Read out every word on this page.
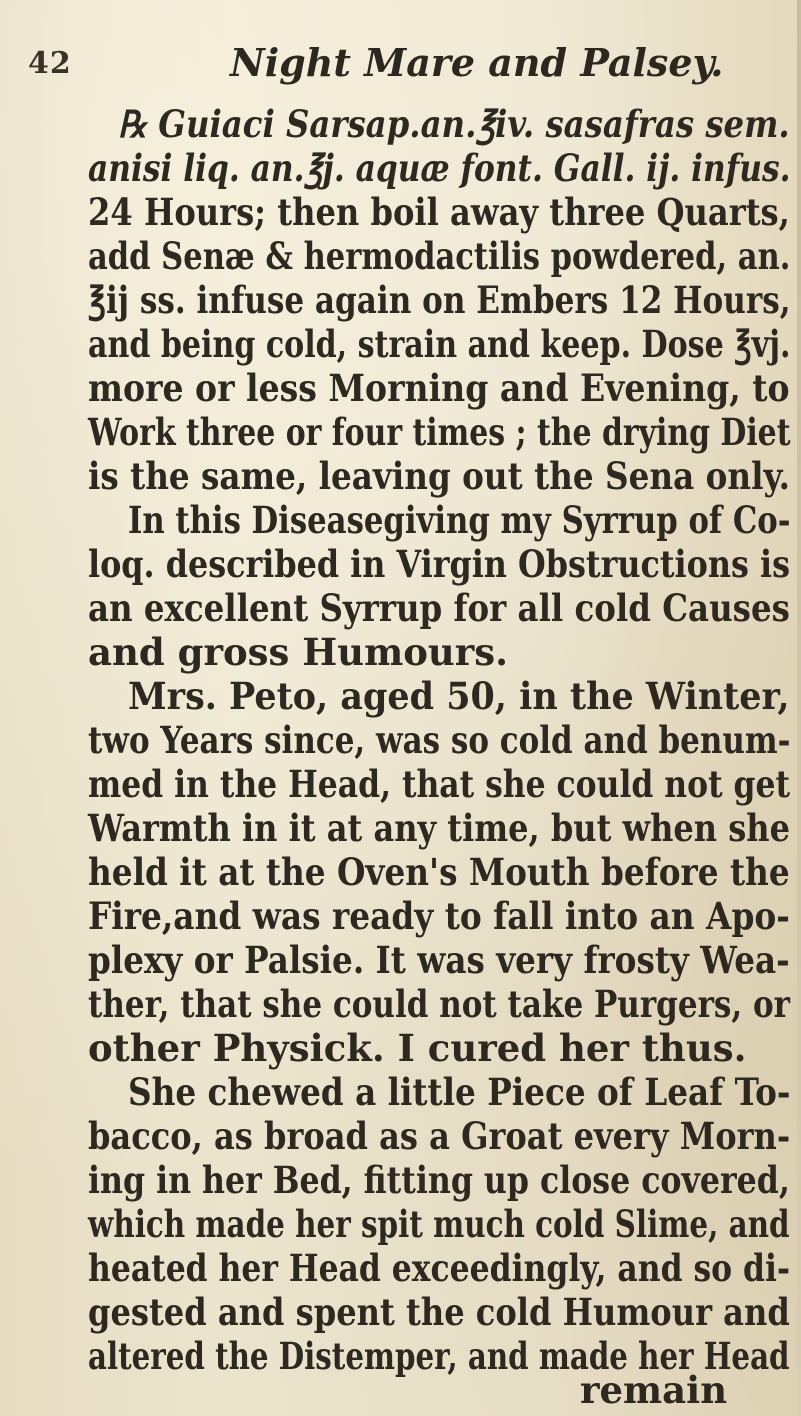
42	Night Mare and Palsey.
℞ Guiaci Sarsap.an.℥iv. sasafras sem.
anisi liq. an.℥j. aquæ font. Gall. ij. infus.
24 Hours; then boil away three Quarts,
add Senæ & hermodactilis powdered, an.
℥ij ss. infuse again on Embers 12 Hours,
and being cold, strain and keep. Dose ℥vj.
more or less Morning and Evening, to
Work three or four times ; the drying Diet
is the same, leaving out the Sena only.
In this Diseasegiving my Syrrup of Co-
loq. described in Virgin Obstructions is
an excellent Syrrup for all cold Causes
and gross Humours.
Mrs. Peto, aged 50, in the Winter,
two Years since, was so cold and benum-
med in the Head, that she could not get
Warmth in it at any time, but when she
held it at the Oven's Mouth before the
Fire,and was ready to fall into an Apo-
plexy or Palsie. It was very frosty Wea-
ther, that she could not take Purgers, or
other Physick. I cured her thus.
She chewed a little Piece of Leaf To-
bacco, as broad as a Groat every Morn-
ing in her Bed, fitting up close covered,
which made her spit much cold Slime, and
heated her Head exceedingly, and so di-
gested and spent the cold Humour and
altered the Distemper, and made her Head
remain
